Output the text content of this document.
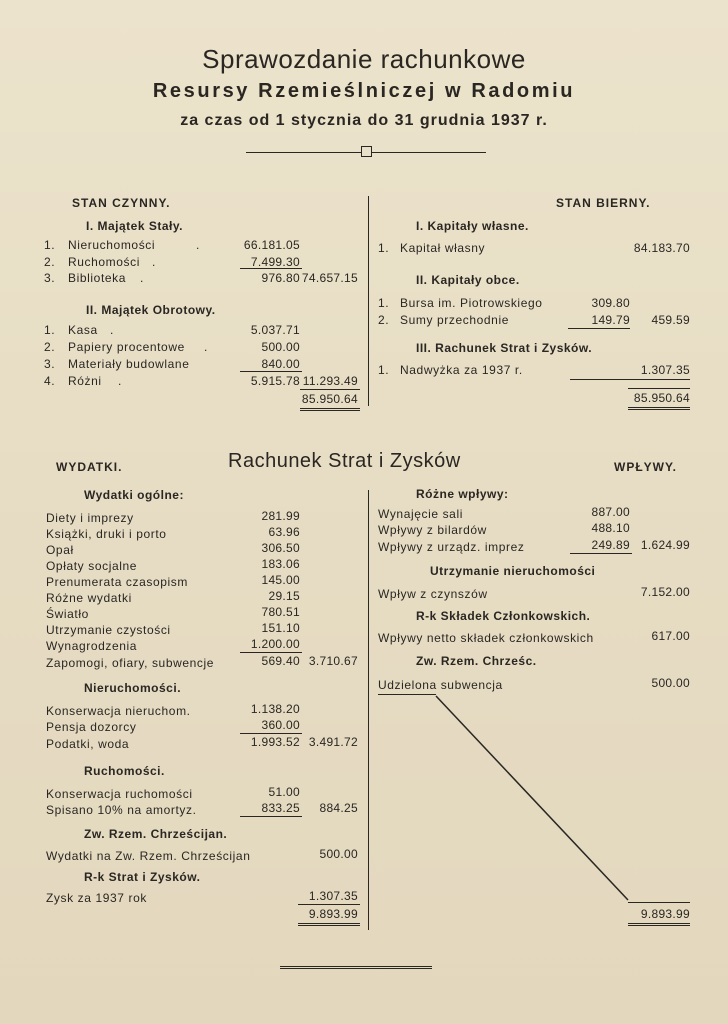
Sprawozdanie rachunkowe
Resursy Rzemieślniczej w Radomiu
za czas od 1 stycznia do 31 grudnia 1937 r.
STAN CZYNNY.
I. Majątek Stały.
1. Nieruchomości	.	66.181.05
2. Ruchomości .	7.499.30
3. Biblioteka .	976.80 74.657.15
II. Majątek Obrotowy.
1. Kasa .	5.037.71
2. Papiery procentowe .	500.00
3. Materiały budowlane	840.00
4. Różni .	5.915.78 11.293.49
85.950.64
STAN BIERNY.
I. Kapitały własne.
1. Kapitał własny	84.183.70
II. Kapitały obce.
1. Bursa im. Piotrowskiego	309.80
2. Sumy przechodnie	149.79	459.59
III. Rachunek Strat i Zysków.
1. Nadwyżka za 1937 r.	1.307.35
85.950.64
Rachunek Strat i Zysków
WYDATKI.	WPŁYWY.
Wydatki ogólne:
Diety i imprezy	281.99
Książki, druki i porto	63.96
Opał	306.50
Opłaty socjalne	183.06
Prenumerata czasopism	145.00
Różne wydatki	29.15
Światło	780.51
Utrzymanie czystości	151.10
Wynagrodzenia	1.200.00
Zapomogi, ofiary, subwencje	569.40 3.710.67
Nieruchomości.
Konserwacja nieruchom.	1.138.20
Pensja dozorcy	360.00
Podatki, woda	1.993.52 3.491.72
Ruchomości.
Konserwacja ruchomości	51.00
Spisano 10% na amortyz.	833.25	884.25
Zw. Rzem. Chrześcijan.
Wydatki na Zw. Rzem. Chrześcijan	500.00
R-k Strat i Zysków.
Zysk za 1937 rok	1.307.35
9.893.99
Różne wpływy:
Wynajęcie sali	887.00
Wpływy z bilardów	488.10
Wpływy z urządz. imprez	249.89 1.624.99
Utrzymanie nieruchomości
Wpływ z czynszów	7.152.00
R-k Składek Członkowskich.
Wpływy netto składek członkowskich	617.00
Zw. Rzem. Chrześc.
Udzielona subwencja	500.00
9.893.99
